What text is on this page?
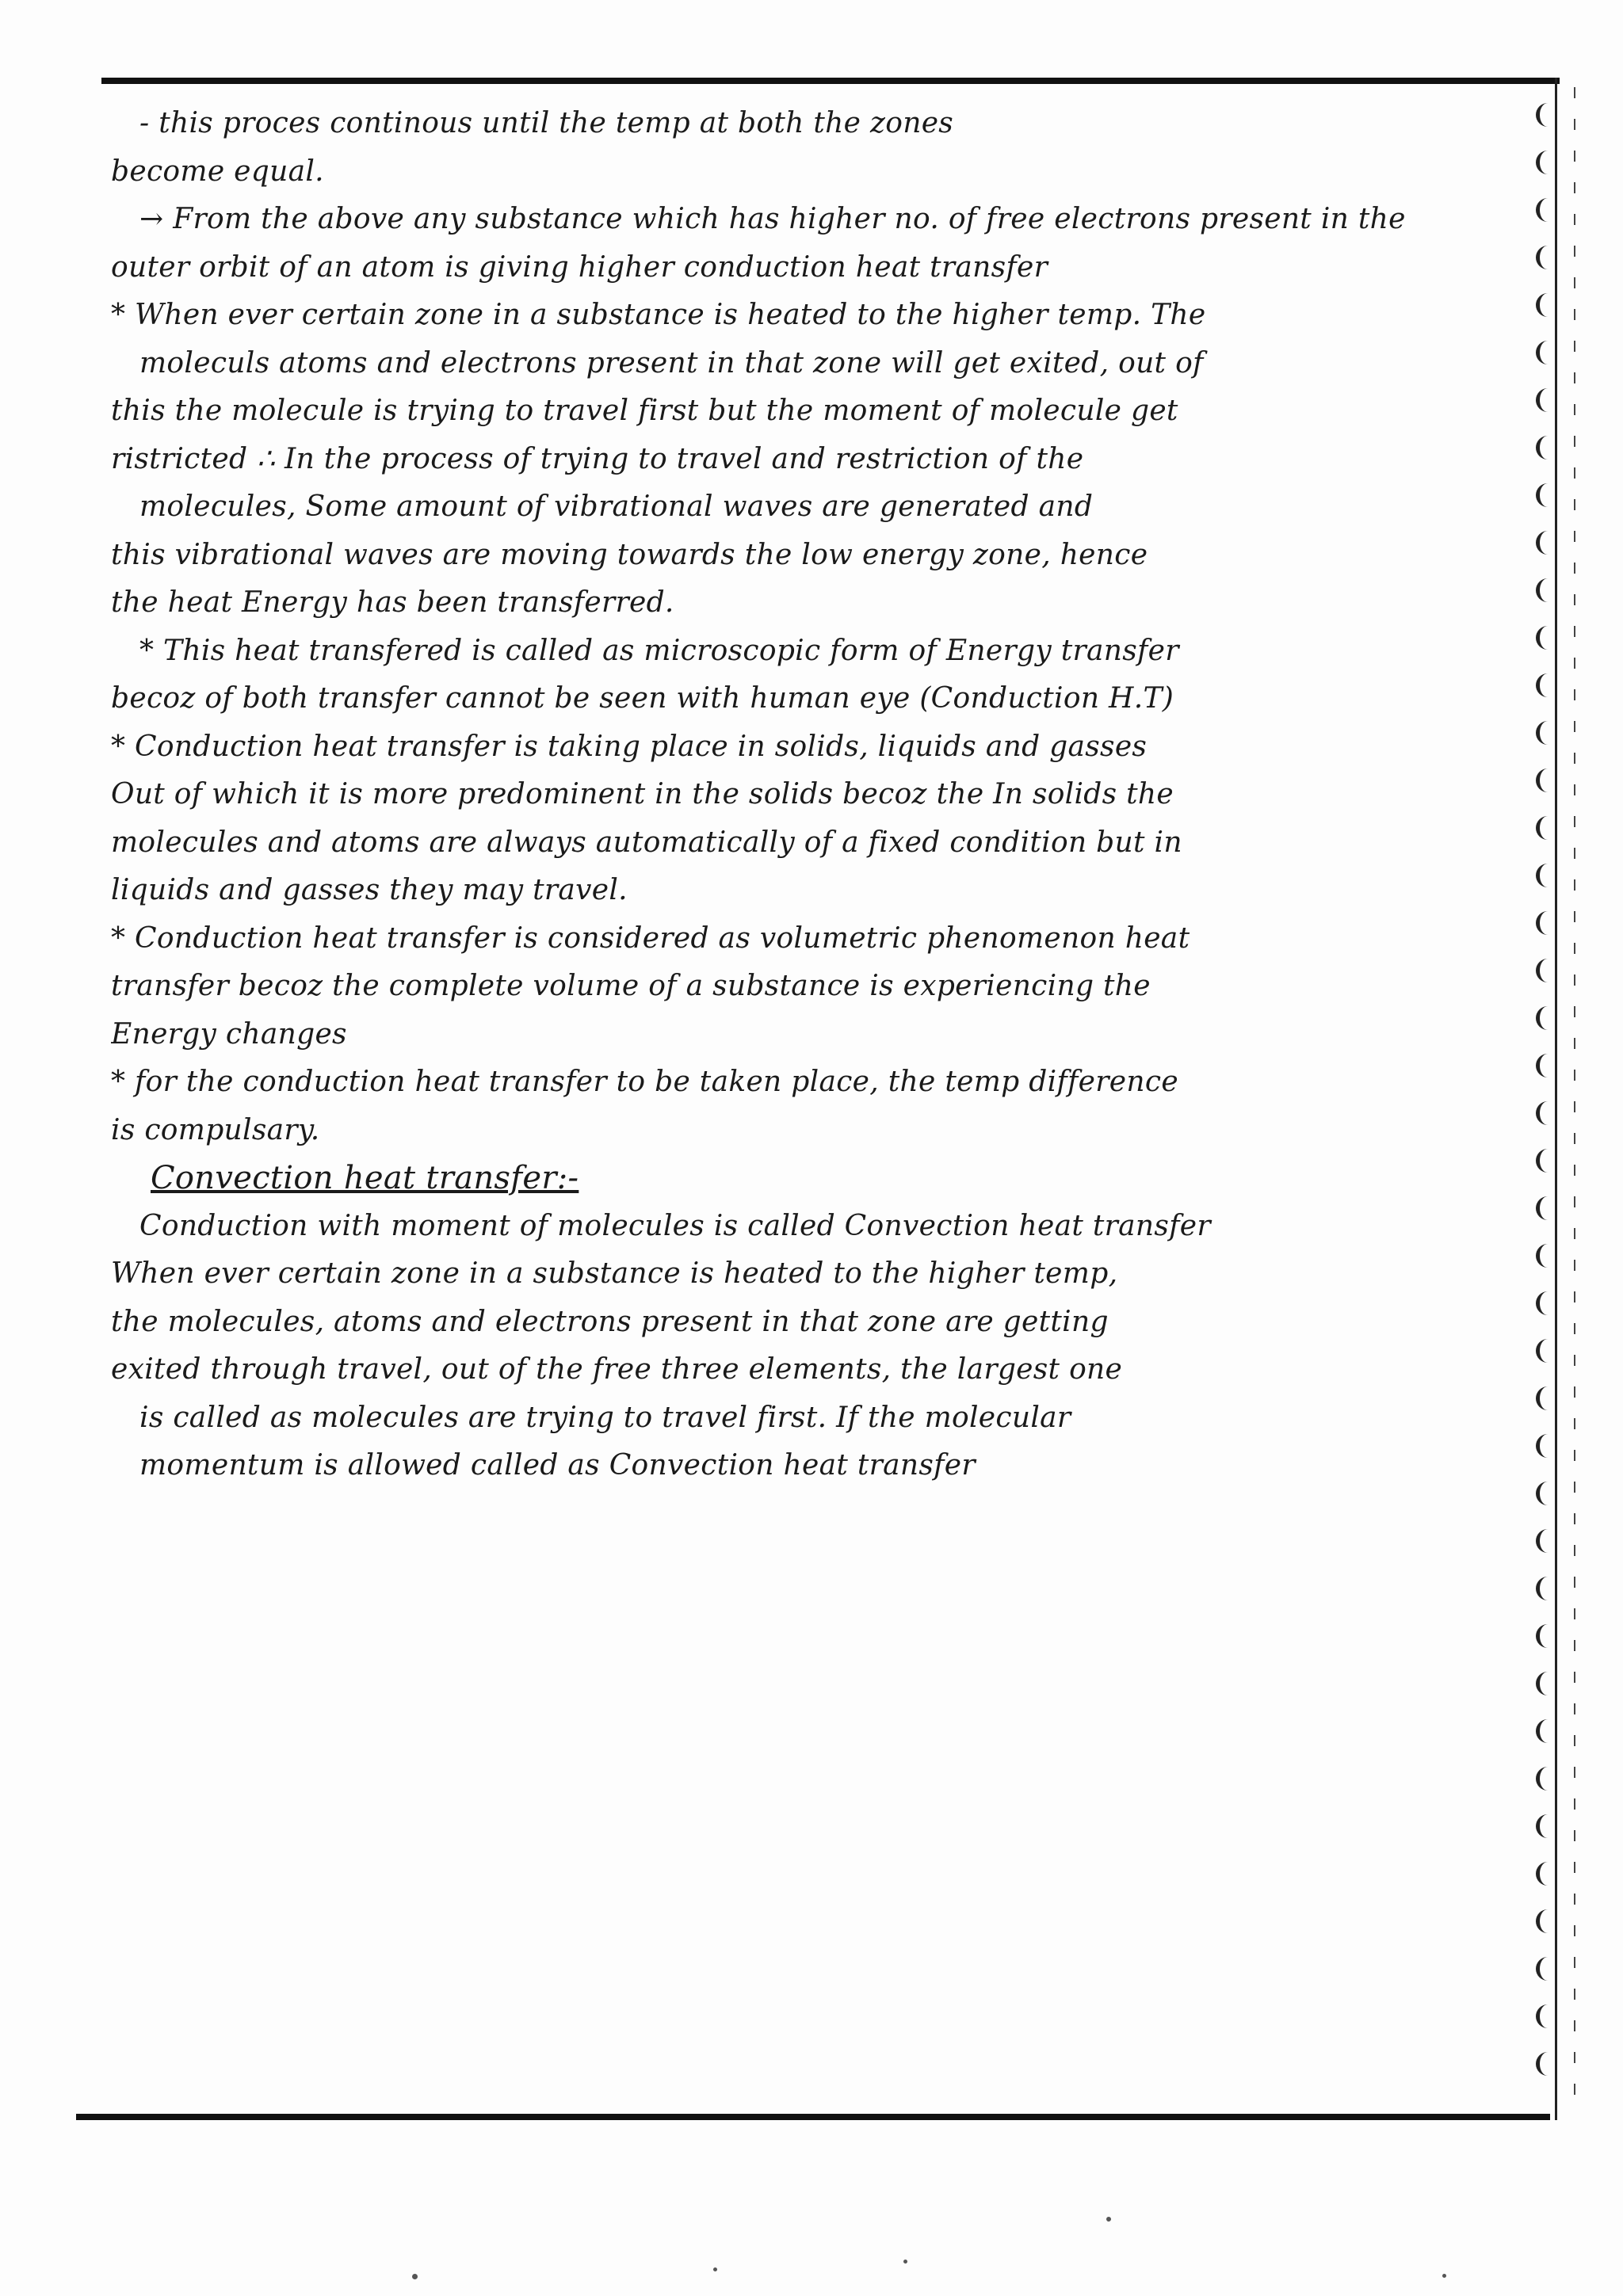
- this proces continous until the temp at both the zones
become equal.
→ From the above any substance which has higher no. of free electrons present in the
outer orbit of an atom is giving higher conduction heat transfer
* When ever certain zone in a substance is heated to the higher temp. The
moleculs atoms and electrons present in that zone will get exited, out of
this the molecule is trying to travel first but the moment of molecule get
ristricted ∴ In the process of trying to travel and restriction of the
molecules, Some amount of vibrational waves are generated and
this vibrational waves are moving towards the low energy zone, hence
the heat Energy has been transferred.
* This heat transfered is called as microscopic form of Energy transfer
becoz of both transfer cannot be seen with human eye (Conduction H.T)
* Conduction heat transfer is taking place in solids, liquids and gasses
Out of which it is more predominent in the solids becoz the In solids the
molecules and atoms are always automatically of a fixed condition but in
liquids and gasses they may travel.
* Conduction heat transfer is considered as volumetric phenomenon heat
transfer becoz the complete volume of a substance is experiencing the
Energy changes
* for the conduction heat transfer to be taken place, the temp difference
is compulsary.
Convection heat transfer:-
Conduction with moment of molecules is called Convection heat transfer
When ever certain zone in a substance is heated to the higher temp,
the molecules, atoms and electrons present in that zone are getting
exited through travel, out of the free three elements, the largest one
is called as molecules are trying to travel first. If the molecular
momentum is allowed called as Convection heat transfer
